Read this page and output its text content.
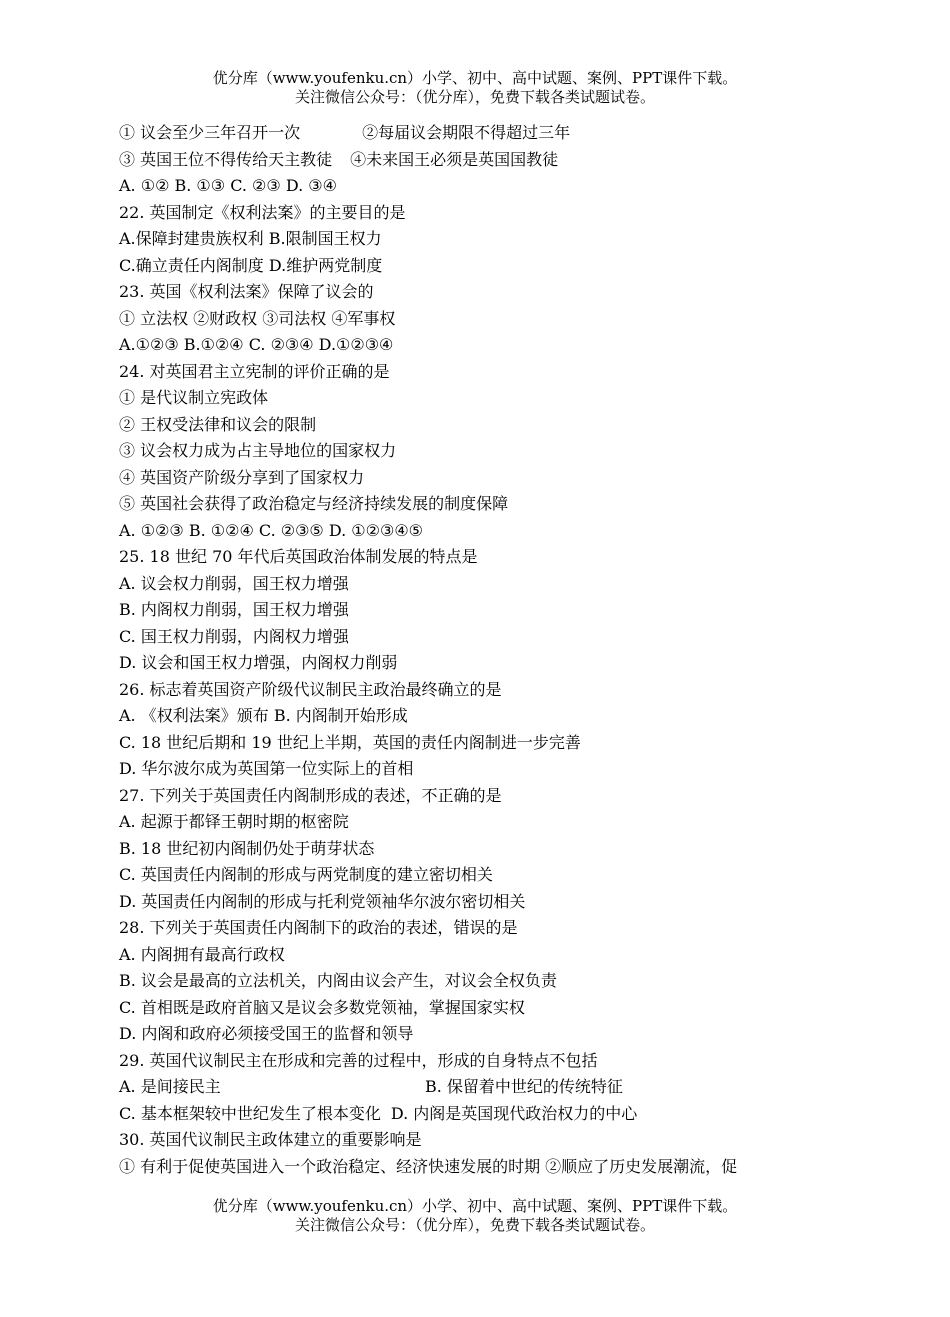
优分库（www.youfenku.cn）小学、初中、高中试题、案例、PPT课件下载。
关注微信公众号：（优分库），免费下载各类试题试卷。
① 议会至少三年召开一次	②每届议会期限不得超过三年
③ 英国王位不得传给天主教徒 ④未来国王必须是英国国教徒
A. ①② B. ①③ C. ②③ D. ③④
22. 英国制定《权利法案》的主要目的是
A.保障封建贵族权利 B.限制国王权力
C.确立责任内阁制度 D.维护两党制度
23. 英国《权利法案》保障了议会的
① 立法权 ②财政权 ③司法权 ④军事权
A.①②③ B.①②④ C. ②③④ D.①②③④
24. 对英国君主立宪制的评价正确的是
① 是代议制立宪政体
② 王权受法律和议会的限制
③ 议会权力成为占主导地位的国家权力
④ 英国资产阶级分享到了国家权力
⑤ 英国社会获得了政治稳定与经济持续发展的制度保障
A. ①②③ B. ①②④ C. ②③⑤ D. ①②③④⑤
25. 18 世纪 70 年代后英国政治体制发展的特点是
A. 议会权力削弱，国王权力增强
B. 内阁权力削弱，国王权力增强
C. 国王权力削弱，内阁权力增强
D. 议会和国王权力增强，内阁权力削弱
26. 标志着英国资产阶级代议制民主政治最终确立的是
A. 《权利法案》颁布 B. 内阁制开始形成
C. 18 世纪后期和 19 世纪上半期，英国的责任内阁制进一步完善
D. 华尔波尔成为英国第一位实际上的首相
27. 下列关于英国责任内阁制形成的表述，不正确的是
A. 起源于都铎王朝时期的枢密院
B. 18 世纪初内阁制仍处于萌芽状态
C. 英国责任内阁制的形成与两党制度的建立密切相关
D. 英国责任内阁制的形成与托利党领袖华尔波尔密切相关
28. 下列关于英国责任内阁制下的政治的表述，错误的是
A. 内阁拥有最高行政权
B. 议会是最高的立法机关，内阁由议会产生，对议会全权负责
C. 首相既是政府首脑又是议会多数党领袖，掌握国家实权
D. 内阁和政府必须接受国王的监督和领导
29. 英国代议制民主在形成和完善的过程中，形成的自身特点不包括
A. 是间接民主	B. 保留着中世纪的传统特征
C. 基本框架较中世纪发生了根本变化 D. 内阁是英国现代政治权力的中心
30. 英国代议制民主政体建立的重要影响是
① 有利于促使英国进入一个政治稳定、经济快速发展的时期 ②顺应了历史发展潮流，促
优分库（www.youfenku.cn）小学、初中、高中试题、案例、PPT课件下载。
关注微信公众号：（优分库），免费下载各类试题试卷。
